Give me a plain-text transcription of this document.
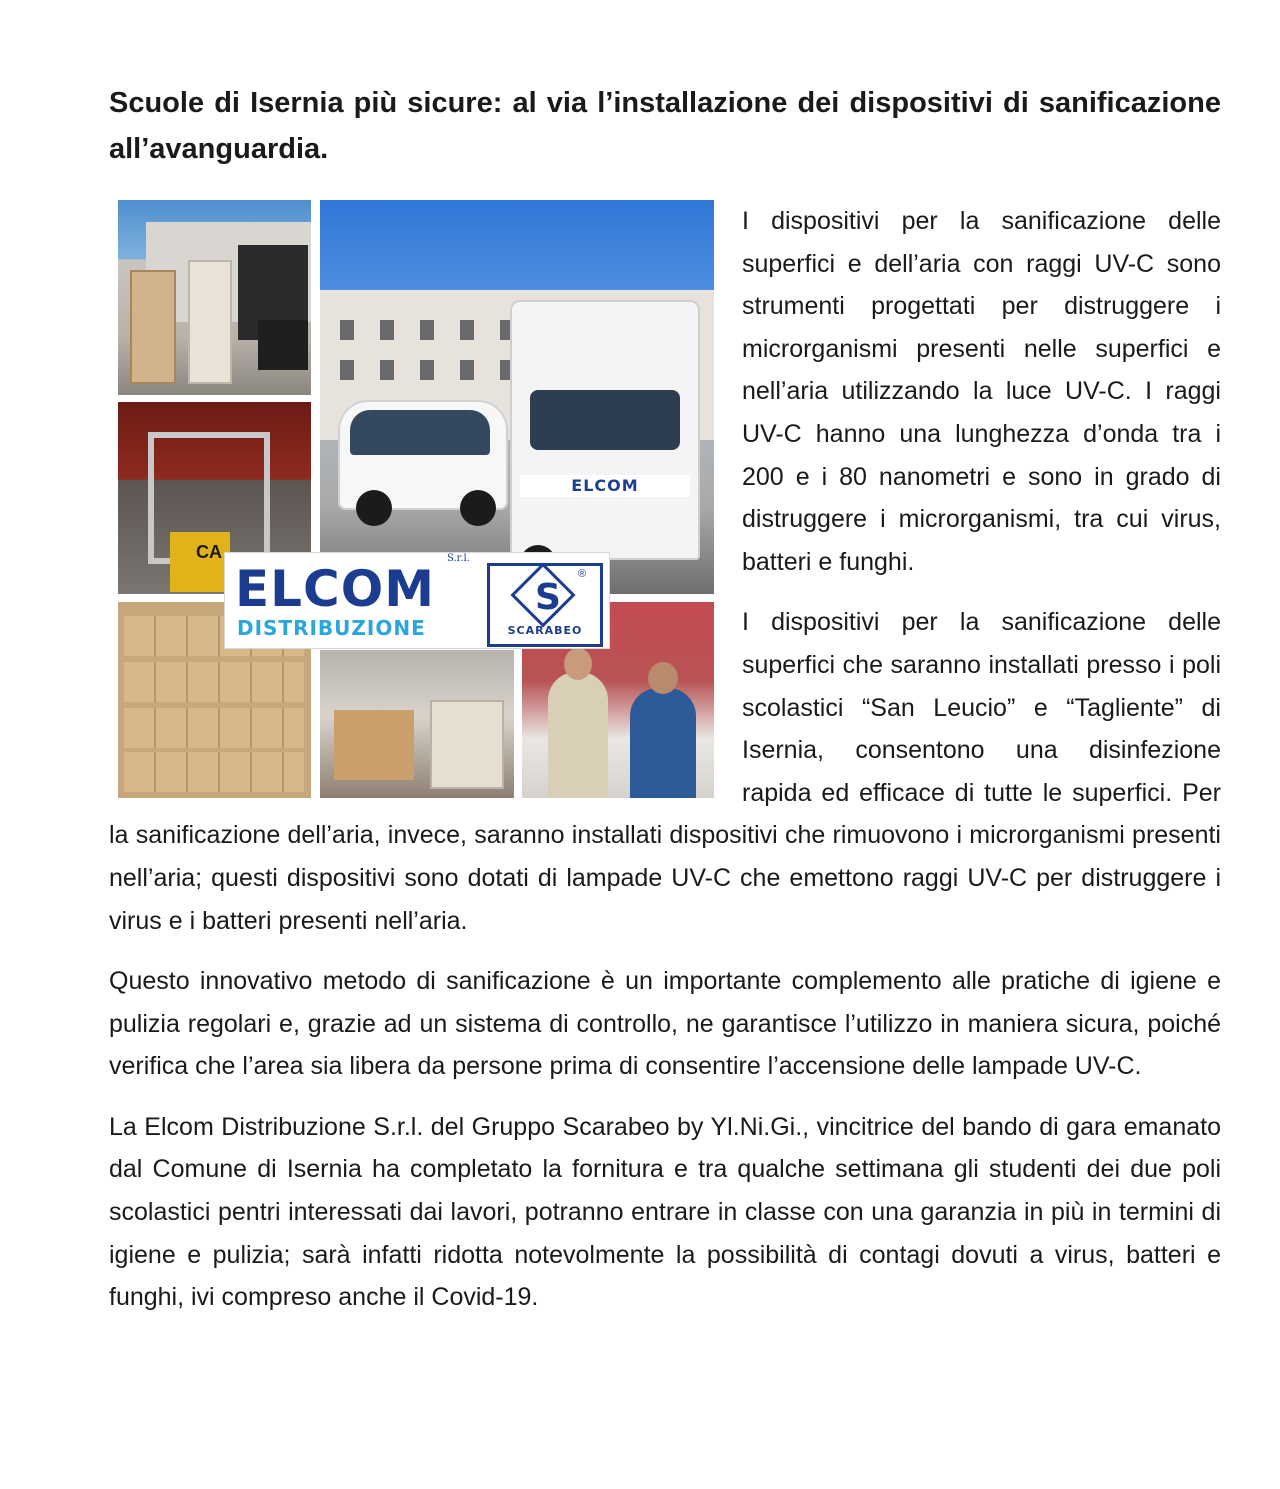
Scuole di Isernia più sicure: al via l’installazione dei dispositivi di sanificazione all’avanguardia.
ELCOM
CA	S.r.l.
ELCOM
DISTRIBUZIONE
S
®
SCARABEO

I dispositivi per la sanificazione delle superfici e dell’aria con raggi UV-C sono strumenti progettati per distruggere i microrganismi presenti nelle superfici e nell’aria utilizzando la luce UV-C. I raggi UV-C hanno una lunghezza d’onda tra i 200 e i 80 nanometri e sono in grado di distruggere i microrganismi, tra cui virus, batteri e funghi.

I dispositivi per la sanificazione delle superfici che saranno installati presso i poli scolastici “San Leucio” e “Tagliente” di Isernia, consentono una disinfezione rapida ed efficace di tutte le superfici. Per la sanificazione dell’aria, invece, saranno installati dispositivi che rimuovono i microrganismi presenti nell’aria; questi dispositivi sono dotati di lampade UV-C che emettono raggi UV-C per distruggere i virus e i batteri presenti nell’aria.

Questo innovativo metodo di sanificazione è un importante complemento alle pratiche di igiene e pulizia regolari e, grazie ad un sistema di controllo, ne garantisce l’utilizzo in maniera sicura, poiché verifica che l’area sia libera da persone prima di consentire l’accensione delle lampade UV-C.

La Elcom Distribuzione S.r.l. del Gruppo Scarabeo by Yl.Ni.Gi., vincitrice del bando di gara emanato dal Comune di Isernia ha completato la fornitura e tra qualche settimana gli studenti dei due poli scolastici pentri interessati dai lavori, potranno entrare in classe con una garanzia in più in termini di igiene e pulizia; sarà infatti ridotta notevolmente la possibilità di contagi dovuti a virus, batteri e funghi, ivi compreso anche il Covid-19.
